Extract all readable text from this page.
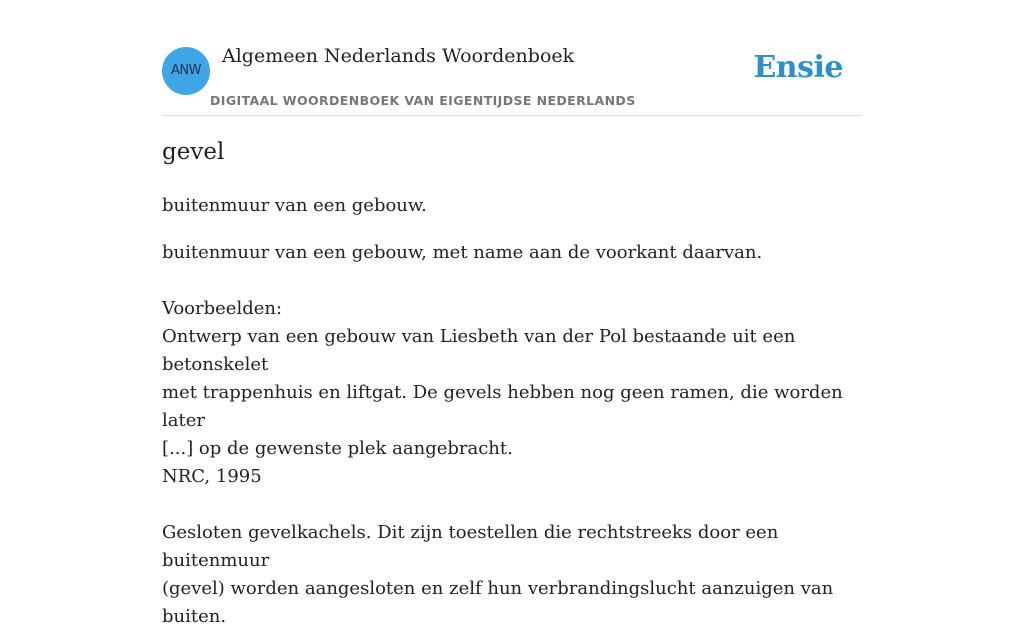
ANW
Algemeen Nederlands Woordenboek
DIGITAAL WOORDENBOEK VAN EIGENTIJDSE NEDERLANDS
Ensie
gevel

buitenmuur van een gebouw.

buitenmuur van een gebouw, met name aan de voorkant daarvan.

Voorbeelden:
Ontwerp van een gebouw van Liesbeth van der Pol bestaande uit een betonskelet
met trappenhuis en liftgat. De gevels hebben nog geen ramen, die worden later
[...] op de gewenste plek aangebracht.
NRC, 1995
Gesloten gevelkachels. Dit zijn toestellen die rechtstreeks door een buitenmuur
(gevel) worden aangesloten en zelf hun verbrandingslucht aanzuigen van buiten.
